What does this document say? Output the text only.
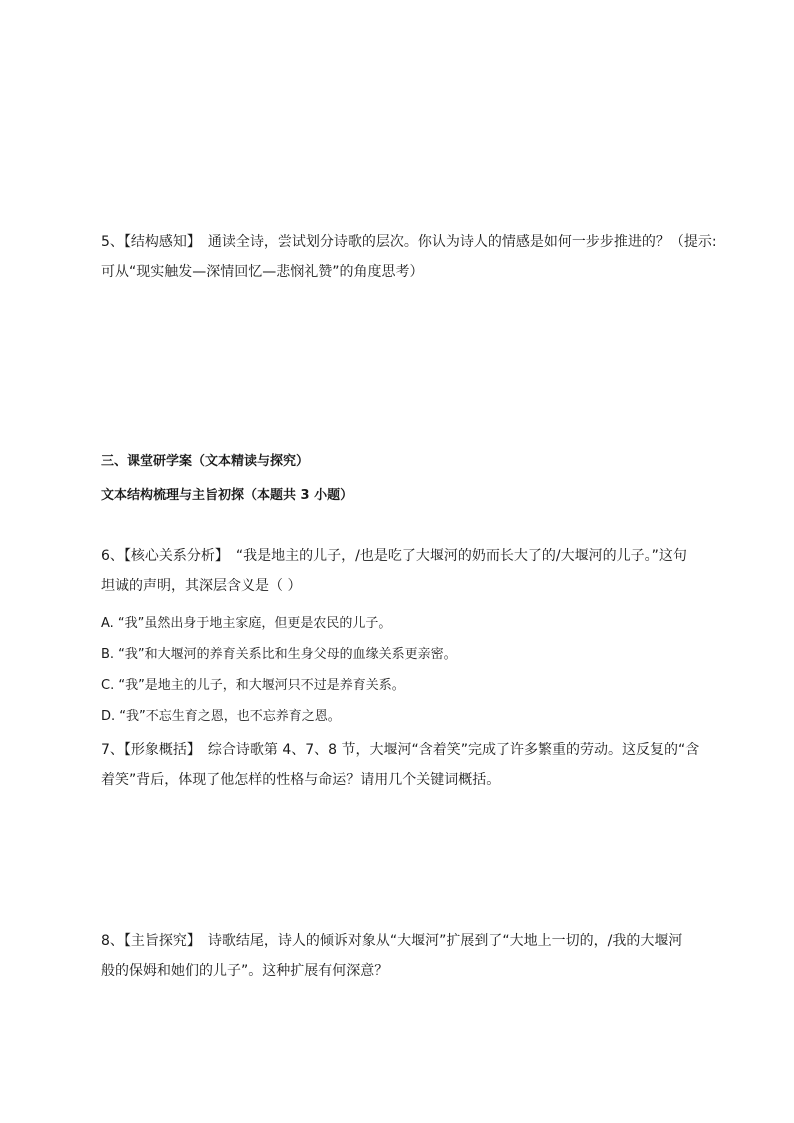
5、【结构感知】　通读全诗，尝试划分诗歌的层次。你认为诗人的情感是如何一步步推进的？（提示:

可从“现实触发—深情回忆—悲悯礼赞”的角度思考）

三、课堂研学案（文本精读与探究）

文本结构梳理与主旨初探（本题共 3 小题）

6、【核心关系分析】　“我是地主的儿子，/也是吃了大堰河的奶而长大了的/大堰河的儿子。”这句

坦诚的声明，其深层含义是（ ）

A. “我”虽然出身于地主家庭，但更是农民的儿子。

B. “我”和大堰河的养育关系比和生身父母的血缘关系更亲密。

C. “我”是地主的儿子，和大堰河只不过是养育关系。

D. “我”不忘生育之恩，也不忘养育之恩。

7、【形象概括】　综合诗歌第 4、7、8 节，大堰河“含着笑”完成了许多繁重的劳动。这反复的“含

着笑”背后，体现了他怎样的性格与命运？请用几个关键词概括。

8、【主旨探究】　诗歌结尾，诗人的倾诉对象从“大堰河”扩展到了“大地上一切的，/我的大堰河

般的保姆和她们的儿子”。这种扩展有何深意？
